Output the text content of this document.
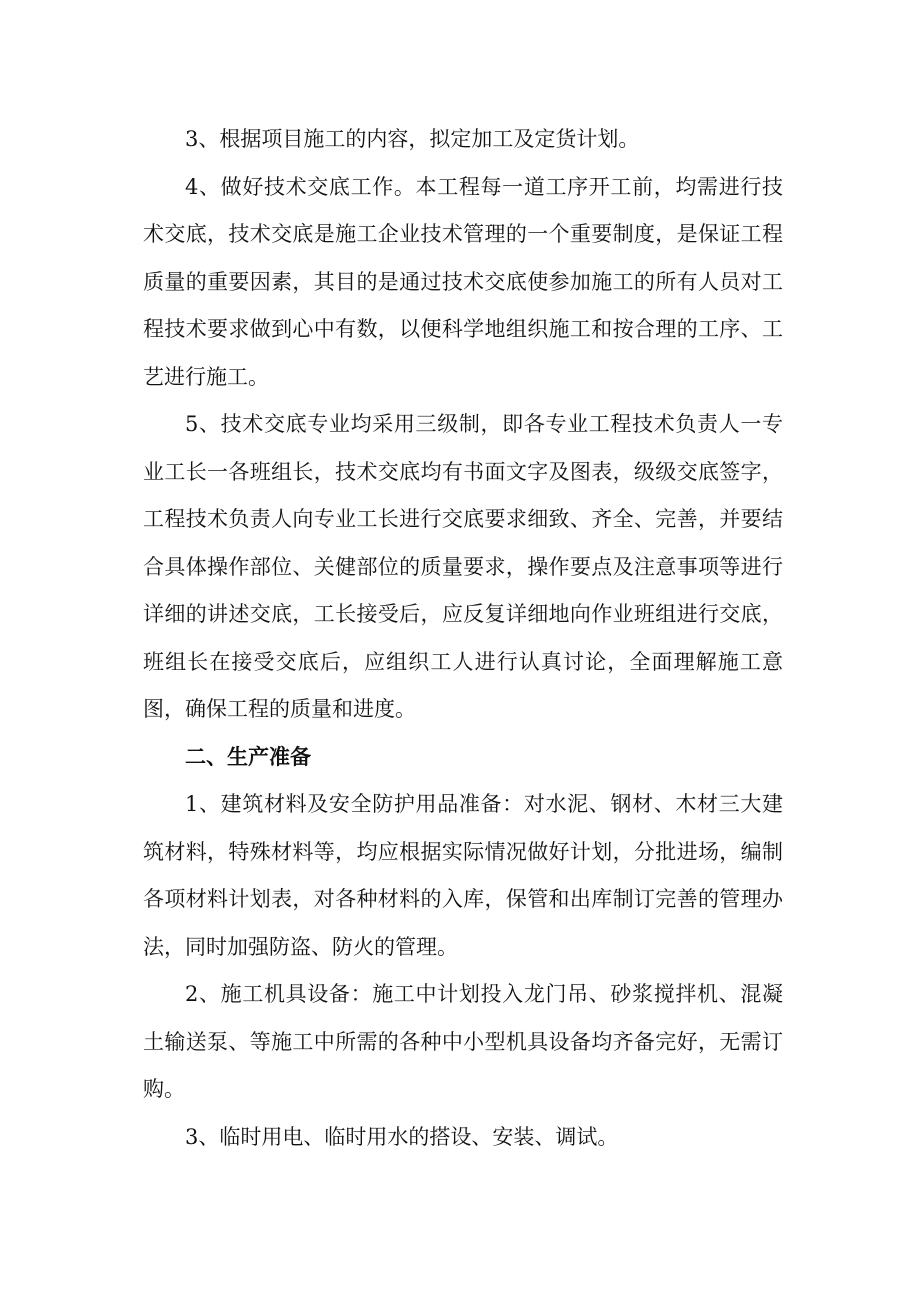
3、根据项目施工的内容，拟定加工及定货计划。

4、做好技术交底工作。本工程每一道工序开工前，均需进行技术交底，技术交底是施工企业技术管理的一个重要制度，是保证工程质量的重要因素，其目的是通过技术交底使参加施工的所有人员对工程技术要求做到心中有数，以便科学地组织施工和按合理的工序、工艺进行施工。

5、技术交底专业均采用三级制，即各专业工程技术负责人一专业工长一各班组长，技术交底均有书面文字及图表，级级交底签字，工程技术负责人向专业工长进行交底要求细致、齐全、完善，并要结合具体操作部位、关健部位的质量要求，操作要点及注意事项等进行详细的讲述交底，工长接受后，应反复详细地向作业班组进行交底，班组长在接受交底后，应组织工人进行认真讨论，全面理解施工意图，确保工程的质量和进度。

二、生产准备

1、建筑材料及安全防护用品准备：对水泥、钢材、木材三大建筑材料，特殊材料等，均应根据实际情况做好计划，分批进场，编制各项材料计划表，对各种材料的入库，保管和出库制订完善的管理办法，同时加强防盗、防火的管理。

2、施工机具设备：施工中计划投入龙门吊、砂浆搅拌机、混凝土输送泵、等施工中所需的各种中小型机具设备均齐备完好，无需订购。

3、临时用电、临时用水的搭设、安装、调试。
